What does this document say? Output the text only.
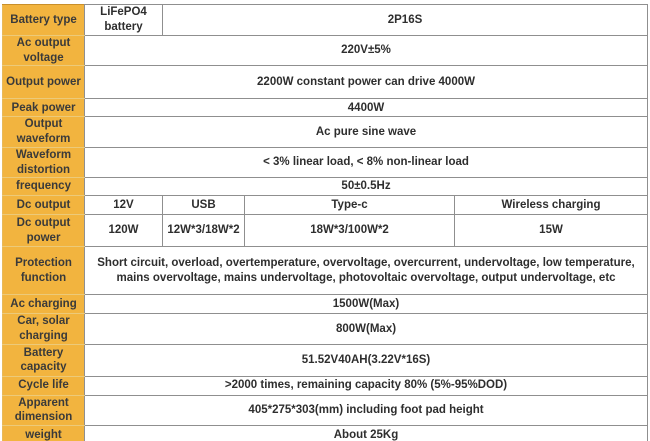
Battery type	LiFePO4 battery	2P16S		
Ac output voltage	220V±5%			
Output power	2200W constant power can drive 4000W			
Peak power	4400W			
Output waveform	Ac pure sine wave			
Waveform distortion	< 3% linear load, < 8% non-linear load			
frequency	50±0.5Hz			
Dc output	12V	USB	Type-c	Wireless charging
Dc output power	120W	12W*3/18W*2	18W*3/100W*2	15W
Protection function	Short circuit, overload, overtemperature, overvoltage, overcurrent, undervoltage, low temperature, mains overvoltage, mains undervoltage, photovoltaic overvoltage, output undervoltage, etc			
Ac charging	1500W(Max)			
Car, solar charging	800W(Max)			
Battery capacity	51.52V40AH(3.22V*16S)			
Cycle life	>2000 times, remaining capacity 80% (5%-95%DOD)			
Apparent dimension	405*275*303(mm) including foot pad height			
weight	About 25Kg			
